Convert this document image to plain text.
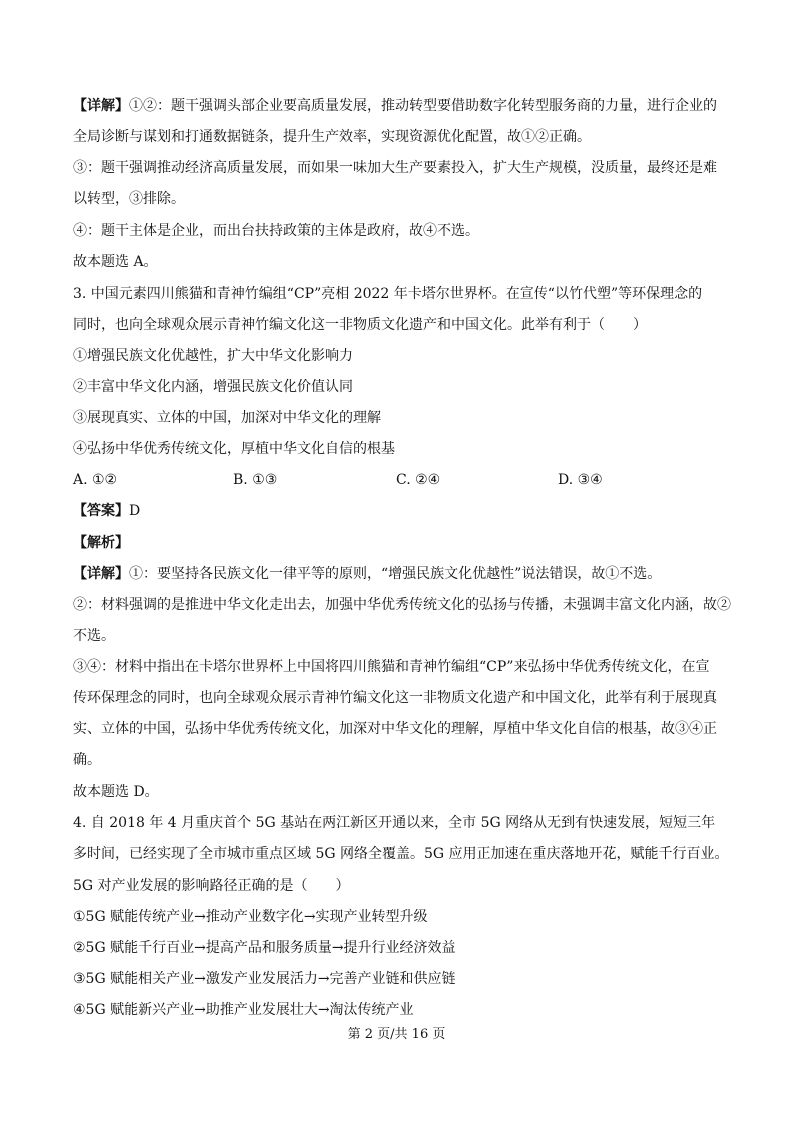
【详解】①②：题干强调头部企业要高质量发展，推动转型要借助数字化转型服务商的力量，进行企业的
全局诊断与谋划和打通数据链条，提升生产效率，实现资源优化配置，故①②正确。
③：题干强调推动经济高质量发展，而如果一味加大生产要素投入，扩大生产规模，没质量，最终还是难
以转型，③排除。
④：题干主体是企业，而出台扶持政策的主体是政府，故④不选。
故本题选 A。
3. 中国元素四川熊猫和青神竹编组“CP”亮相 2022 年卡塔尔世界杯。在宣传“以竹代塑”等环保理念的
同时，也向全球观众展示青神竹编文化这一非物质文化遗产和中国文化。此举有利于（　　）
①增强民族文化优越性，扩大中华文化影响力
②丰富中华文化内涵，增强民族文化价值认同
③展现真实、立体的中国，加深对中华文化的理解
④弘扬中华优秀传统文化，厚植中华文化自信的根基
A. ①②	B. ①③	C. ②④	D. ③④
【答案】D
【解析】
【详解】①：要坚持各民族文化一律平等的原则，“增强民族文化优越性”说法错误，故①不选。
②：材料强调的是推进中华文化走出去，加强中华优秀传统文化的弘扬与传播，未强调丰富文化内涵，故②
不选。
③④：材料中指出在卡塔尔世界杯上中国将四川熊猫和青神竹编组“CP”来弘扬中华优秀传统文化，在宣
传环保理念的同时，也向全球观众展示青神竹编文化这一非物质文化遗产和中国文化，此举有利于展现真
实、立体的中国，弘扬中华优秀传统文化，加深对中华文化的理解，厚植中华文化自信的根基，故③④正
确。
故本题选 D。
4. 自 2018 年 4 月重庆首个 5G 基站在两江新区开通以来，全市 5G 网络从无到有快速发展，短短三年
多时间，已经实现了全市城市重点区域 5G 网络全覆盖。5G 应用正加速在重庆落地开花，赋能千行百业。
5G 对产业发展的影响路径正确的是（　　）
①5G 赋能传统产业→推动产业数字化→实现产业转型升级
②5G 赋能千行百业→提高产品和服务质量→提升行业经济效益
③5G 赋能相关产业→激发产业发展活力→完善产业链和供应链
④5G 赋能新兴产业→助推产业发展壮大→淘汰传统产业
第 2 页/共 16 页
